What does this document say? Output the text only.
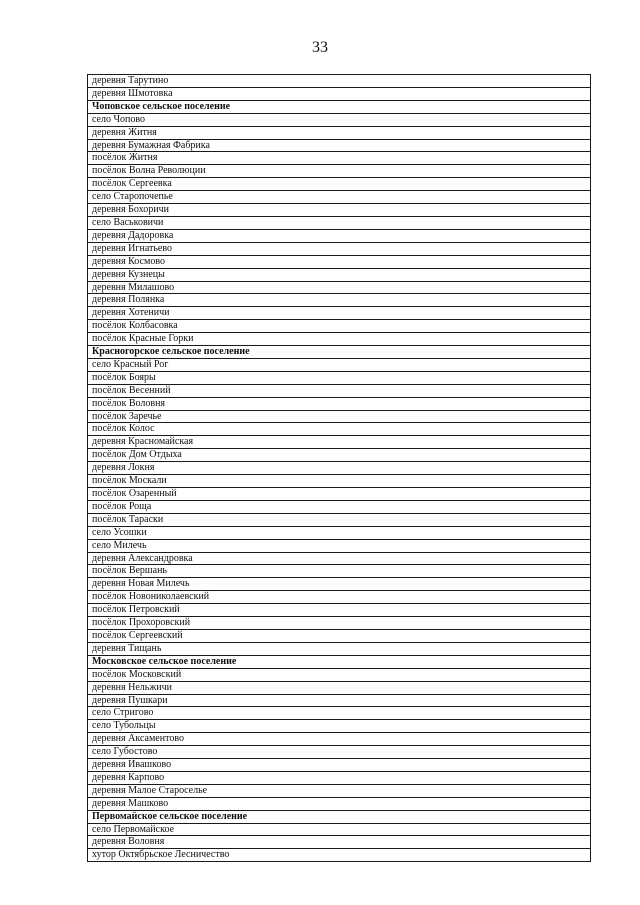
33
деревня Тарутино
деревня Шмотовка
Чоповское сельское поселение
село Чопово
деревня Житня
деревня Бумажная Фабрика
посёлок Житня
посёлок Волна Революции
посёлок Сергеевка
село Старопочепье
деревня Бохоричи
село Васьковичи
деревня Дадоровка
деревня Игнатьево
деревня Космово
деревня Кузнецы
деревня Милашово
деревня Полянка
деревня Хотеничи
посёлок Колбасовка
посёлок Красные Горки
Красногорское сельское поселение
село Красный Рог
посёлок Бояры
посёлок Весенний
посёлок Воловня
посёлок Заречье
посёлок Колос
деревня Красномайская
посёлок Дом Отдыха
деревня Локня
посёлок Москали
посёлок Озаренный
посёлок Роща
посёлок Тараски
село Усошки
село Милечь
деревня Александровка
посёлок Вершань
деревня Новая Милечь
посёлок Новониколаевский
посёлок Петровский
посёлок Прохоровский
посёлок Сергеевский
деревня Тищань
Московское сельское поселение
посёлок Московский
деревня Нельжичи
деревня Пушкари
село Стригово
село Тубольцы
деревня Аксаментово
село Губостово
деревня Ивашково
деревня Карпово
деревня Малое Старoселье
деревня Машково
Первомайское сельское поселение
село Первомайское
деревня Воловня
хутор Октябрьское Лесничество
